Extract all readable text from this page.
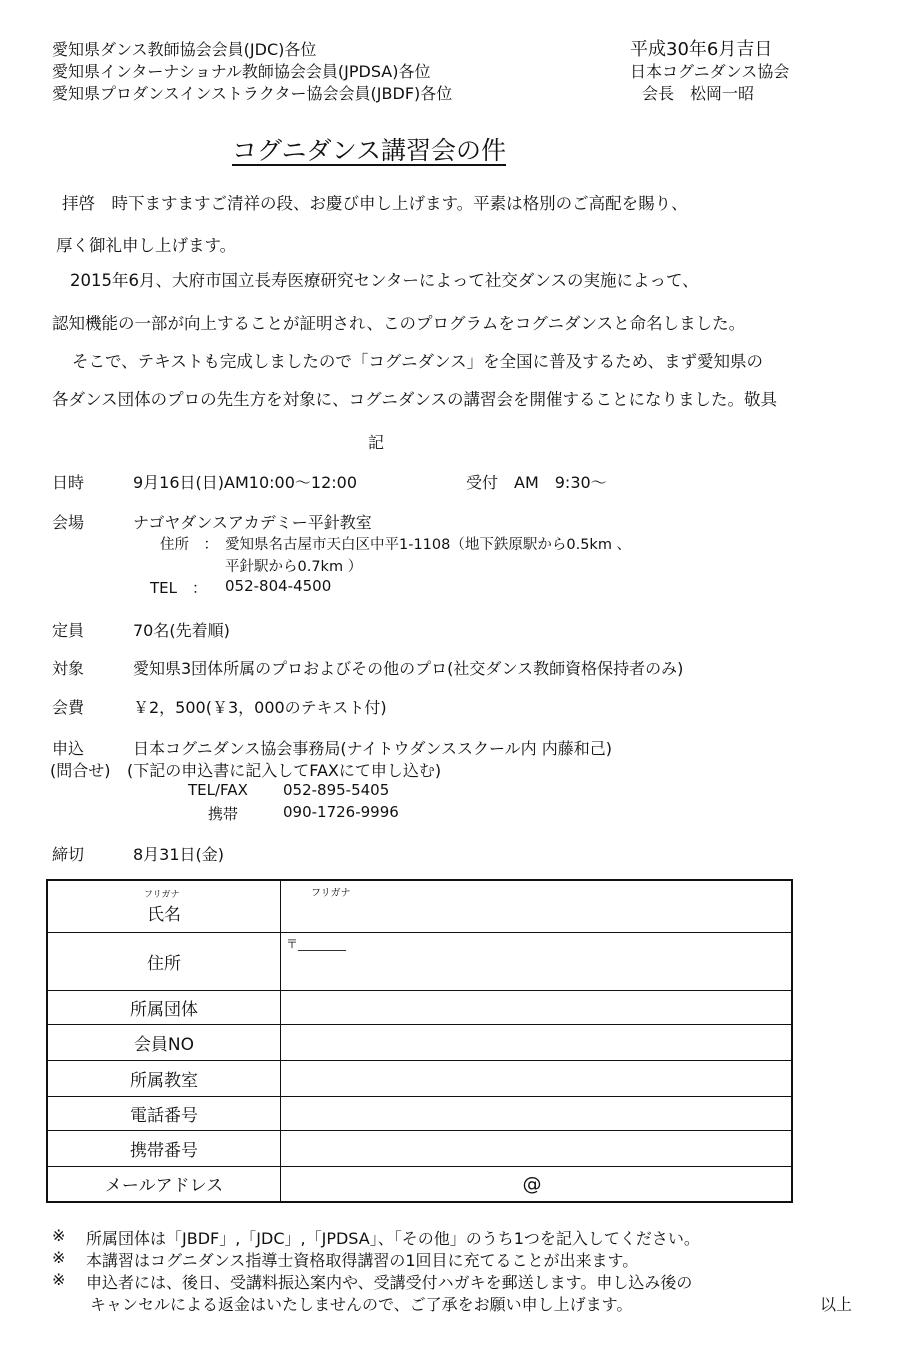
愛知県ダンス教師協会会員(JDC)各位
愛知県インターナショナル教師協会会員(JPDSA)各位
愛知県プロダンスインストラクター協会会員(JBDF)各位
平成30年6月吉日
日本コグニダンス協会
会長　松岡一昭
コグニダンス講習会の件
拝啓　時下ますますご清祥の段、お慶び申し上げます。平素は格別のご高配を賜り、
厚く御礼申し上げます。
2015年6月、大府市国立長寿医療研究センターによって社交ダンスの実施によって、
認知機能の一部が向上することが証明され、このプログラムをコグニダンスと命名しました。
そこで、テキストも完成しましたので「コグニダンス」を全国に普及するため、まず愛知県の
各ダンス団体のプロの先生方を対象に、コグニダンスの講習会を開催することになりました。敬具
記
日時	9月16日(日)AM10:00～12:00	受付　AM　9:30～
会場	ナゴヤダンスアカデミー平針教室
住所　： 愛知県名古屋市天白区中平1-1108（地下鉄原駅から0.5km 、
平針駅から0.7km ）
TEL　： 052-804-4500
定員	70名(先着順)
対象	愛知県3団体所属のプロおよびその他のプロ(社交ダンス教師資格保持者のみ)
会費	￥2，500(￥3，000のテキスト付)
申込	日本コグニダンス協会事務局(ナイトウダンススクール内 内藤和己)
(問合せ) (下記の申込書に記入してFAXにて申し込む)
TEL/FAX 052-895-5405
携帯	090-1726-9996
締切	8月31日(金)
フリガナ
氏名	フリガナ

住所	〒________

所属団体	
会員NO	
所属教室	
電話番号	
携帯番号	
メールアドレス	@
※ 所属団体は「JBDF」,「JDC」,「JPDSA」、「その他」のうち1つを記入してください。
※ 本講習はコグニダンス指導士資格取得講習の1回目に充てることが出来ます。
※ 申込者には、後日、受講料振込案内や、受講受付ハガキを郵送します。申し込み後の
キャンセルによる返金はいたしませんので、ご了承をお願い申し上げます。	以上
